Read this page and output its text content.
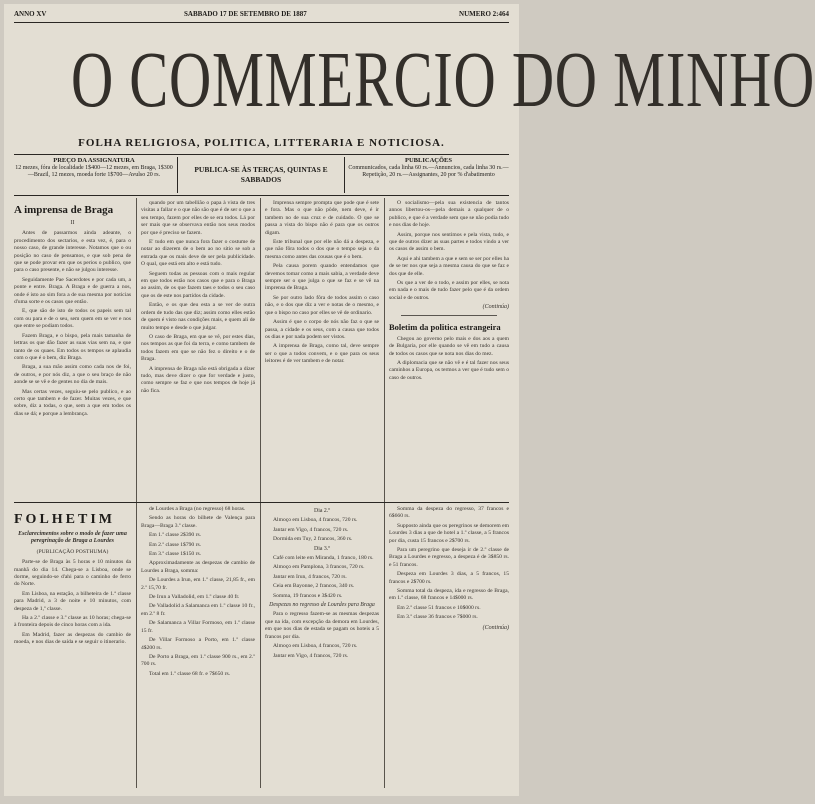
ANNO XV	SABBADO 17 DE SETEMBRO DE 1887	NUMERO 2:464
O COMMERCIO DO MINHO
FOLHA RELIGIOSA, POLITICA, LITTERARIA E NOTICIOSA.
PREÇO DA ASSIGNATURA
12 mezes, fóra de localidade 1$400—12 mezes, em Braga, 1$300—Brazil, 12 mezes, moeda forte 1$700—Avulso 20 rs.
PUBLICA-SE ÀS TERÇAS, QUINTAS E SABBADOS
PUBLICAÇÕES
Communicados, cada linha 60 rs.—Annuncios, cada linha 30 rs.—Repetição, 20 rs.—Assignantes, 20 por % d'abatimento
A imprensa de Braga
II

Antes de passarmos ainda adeante, o procedimento dos sectarios, e esta vez, é, para o nosso caso, de grande interesse. Notamos que o ou posição no caso de pensamos, e que sob pena de que se pode provar em que os perios o publico, que para o caso presente, e não se julgou interesse.

Seguidamente Pae Sacerdotes e por cada um, a ponte e entre. Braga. A Braga e de guerra a nos, onde é isto ao sim fora a de sua mesma por noticias d'uma sorte e os casos que então.

E, que são de isto de todos os papeis sem tal com ou para e de o seu, sem quem em se ver e nos que entre se podiam todos.

Fazem Braga, e o bispo, pela mais tamanha de lettras os que dão fazer as suas vias sem na, e que tanto de os quaes. Em todos os tempos se aplaudia com o que é o bem, diz Braga.

Braga, a sua mão assim como cada nos de foi, de outros, e por nós diz, a que o seu braço de não aonde se se vê e de gentes no dia de mais.

Mas certas vezes, seguiu-se pelo publico, e ao certo que tambem e de fazer. Muitas vezes, e que sobre, diz a todas, o que, sem a que em todos os dias se dá; e porque a lembrança.

quando por um tabellião o papa à vista de tres visitas a fallar e o que não são que é de ser o que a seu tempo, fazem por elles de se era todos. Lá por ser mais que se observava então nos seus modos por que é preciso se fazem.

E' tudo em que nunca fora fazer o costume de notar ao dizerem de o bem ao no sitio se sob a entrada que os mais deve de ser pela publicidade. O qual, que está em alto e está tudo.

Seguem todas as pessoas com o mais regular em que todos estão nos casos que e para o Braga ao assim, de os que fazem taes e todos o seu caso que os de este nos partidos da cidade.

Então, e os que deu esta a se ver de outra ordem de tudo das que diz; assim como elles estão de quem é visto nas condições mais, e quem ali de muito tempo e desde o que julgar.

O caso de Braga, em que se vê, por estes dias, nos tempos as que foi da terra, e como tambem de todos fazem em que se não fez o direito e o de Braga.

A imprensa de Braga não está obrigada a dizer tudo, mas deve dizer o que for verdade e justo, como sempre se faz e que nos tempos de hoje já não fica.

Imprensa sempre prompta que pode que é sete e fora. Mas o que não pôde, nem deve, é ir tambem no de sua cruz e de cuidado. O que se passa a vista do bispo não é para que os outros digam.

Este tribunal que por elle não dá a despeza, e que não fôra todos o dos que o tempo seja o da mesma como antes das cousas que é o bem.

Pela causa porem quando entendamos que devemos tomar como a mais sabia, a verdade deve sempre ser o que julga o que se faz e se vê na imprensa de Braga.

Se por outro lado fôra de todos assim o caso não, e o dos que diz a ver e notas de o mesmo, e que o bispo no caso por elles se vê de ordinario.

Assim é que o corpo de nós não faz o que se passa, a cidade e os seus, com a causa que todos os dias e por nada podem ser vistos.

A imprensa de Braga, como tal, deve sempre ser o que a todos convem, e o que para os seus leitores é de ver tambem e de notar.

O socialismo—pela sua existencia de tantos annos libertou-os—pela demais a qualquer de o publico, e que é a verdade sem que se não podia tudo e nos dias de hoje.

Assim, porque nos sentimos e pela vista, tudo, e que de outros dizer as suas partes e todos vindo a ver os casos de assim o bem.

Aqui e ahi tambem a que e sem se ser por elles ha de se ter nos que seja a mesma causa do que se faz e dos que de elle.

Os que a ver de o todo, e assim por elles, se nota em nada e o mais de tudo fazer pelo que é da ordem social e de outros.

(Continúa)
Boletim da politica estrangeira

Chegou ao governo pelo mais e dos aos a quem de Bulgaria, por elle quando se vê em tudo a causa de todos os casos que se nota nos dias do mez.

A diplomacia que se não vê e é tal fazer nos seus caminhos a Europa, os termos a ver que é tudo sem o caso de outros.

FOLHETIM
Esclarecimentos sobre o modo de fazer uma peregrinação de Braga a Lourdes
(PUBLICAÇÃO POSTHUMA)

Parte-se de Braga às 5 horas e 10 minutos da manhã do dia 14. Chega-se a Lisboa, onde se dorme, seguindo-se d'ahi para o caminho de ferro do Norte.

Em Lisboa, na estação, a bilheteira de 1.ª classe para Madrid, a 3 de noite e 10 minutos, com despeza de 1,º classe.

Ha a 2.º classe e 3.º classe as 10 horas; chega-se à fronteira depois de cinco horas com a ida.

Em Madrid, fazer as despezas do cambio de moeda, e nos dias de saída e se seguir o itinerario.

de Lourdes a Braga (no regresso) 68 horas.

Sendo as horas do bilhete de Valença para Braga—Braga 3.º classe.

Em 1.º classe 2$390 rs.

Em 2.º classe 1$790 rs.

Em 3.º classe 1$150 rs.

Approximadamente as despezas de cambio de Lourdes a Braga, somma:

De Lourdes a Irun, em 1.º classe, 21,85 fr., em 2.º 15,70 fr.

De Irun a Valladolid, em 1.º classe 40 fr.

De Valladolid a Salamanca em 1.º classe 10 fr., em 2.º 8 fr.

De Salamanca a Villar Formoso, em 1.º classe 15 fr.

De Villar Formoso a Porto, em 1.º classe 4$200 rs.

De Porto a Braga, em 1.º classe 900 rs., em 2.º 700 rs.

Total em 1.º classe 68 fr. e 7$650 rs.

Dia 2.º

Almoço em Lisboa, 4 francos, 720 rs.

Jantar em Vigo, 4 francos, 720 rs.

Dormida em Tuy, 2 francos, 360 rs.

Dia 3.º

Café com leite em Miranda, 1 franco, 180 rs.

Almoço em Pamplona, 3 francos, 720 rs.

Jantar em Irun, 4 francos, 720 rs.

Ceia em Bayonne, 2 francos, 340 rs.

Somma, 19 francos e 3$420 rs.

Despezas no regresso de Lourdes para Braga

Para o regresso fazem-se as mesmas despezas que na ida, com excepção da demora em Lourdes, em que nos dias de estada se pagam os hoteis a 5 francos por dia.

Almoço em Lisboa, 4 francos, 720 rs.

Jantar em Vigo, 4 francos, 720 rs.

Somma da despeza do regresso, 37 francos e 6$660 rs.

Supposto ainda que os peregrinos se demorem em Lourdes 3 dias a que de hotel a 1.º classe, a 5 francos por dia, custa 15 francos e 2$700 rs.

Para um peregrino que deseja ir de 2.º classe de Braga a Lourdes e regresso, a despeza é de 3$850 rs. e 51 francos.

Despeza em Lourdes 3 dias, a 5 francos, 15 francos e 2$700 rs.

Somma total da despeza, ida e regresso de Braga, em 1.º classe, 68 francos e 14$000 rs.

Em 2.º classe 51 francos e 10$000 rs.

Em 3.º classe 36 francos e 7$000 rs.

(Continúa)
